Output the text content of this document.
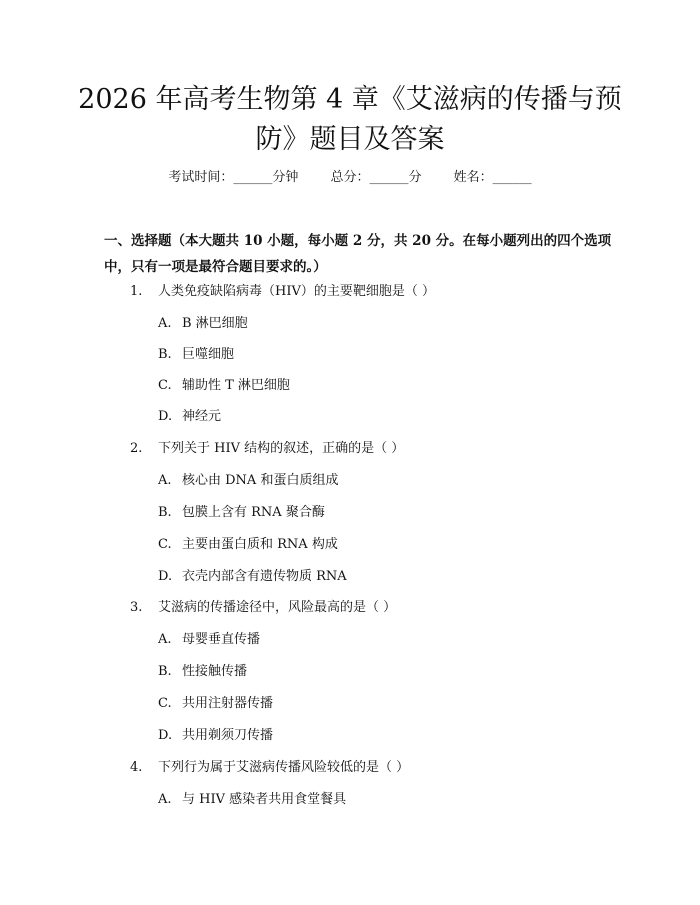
2026 年高考生物第 4 章《艾滋病的传播与预
防》题目及答案
考试时间：______分钟 总分：______分 姓名：______

一、选择题（本大题共 10 小题，每小题 2 分，共 20 分。在每小题列出的四个选项中，只有一项是最符合题目要求的。）

1. 人类免疫缺陷病毒（HIV）的主要靶细胞是（ ）
A. B 淋巴细胞
B. 巨噬细胞
C. 辅助性 T 淋巴细胞
D. 神经元
2. 下列关于 HIV 结构的叙述，正确的是（ ）
A. 核心由 DNA 和蛋白质组成
B. 包膜上含有 RNA 聚合酶
C. 主要由蛋白质和 RNA 构成
D. 衣壳内部含有遗传物质 RNA
3. 艾滋病的传播途径中，风险最高的是（ ）
A. 母婴垂直传播
B. 性接触传播
C. 共用注射器传播
D. 共用剃须刀传播
4. 下列行为属于艾滋病传播风险较低的是（ ）
A. 与 HIV 感染者共用食堂餐具
